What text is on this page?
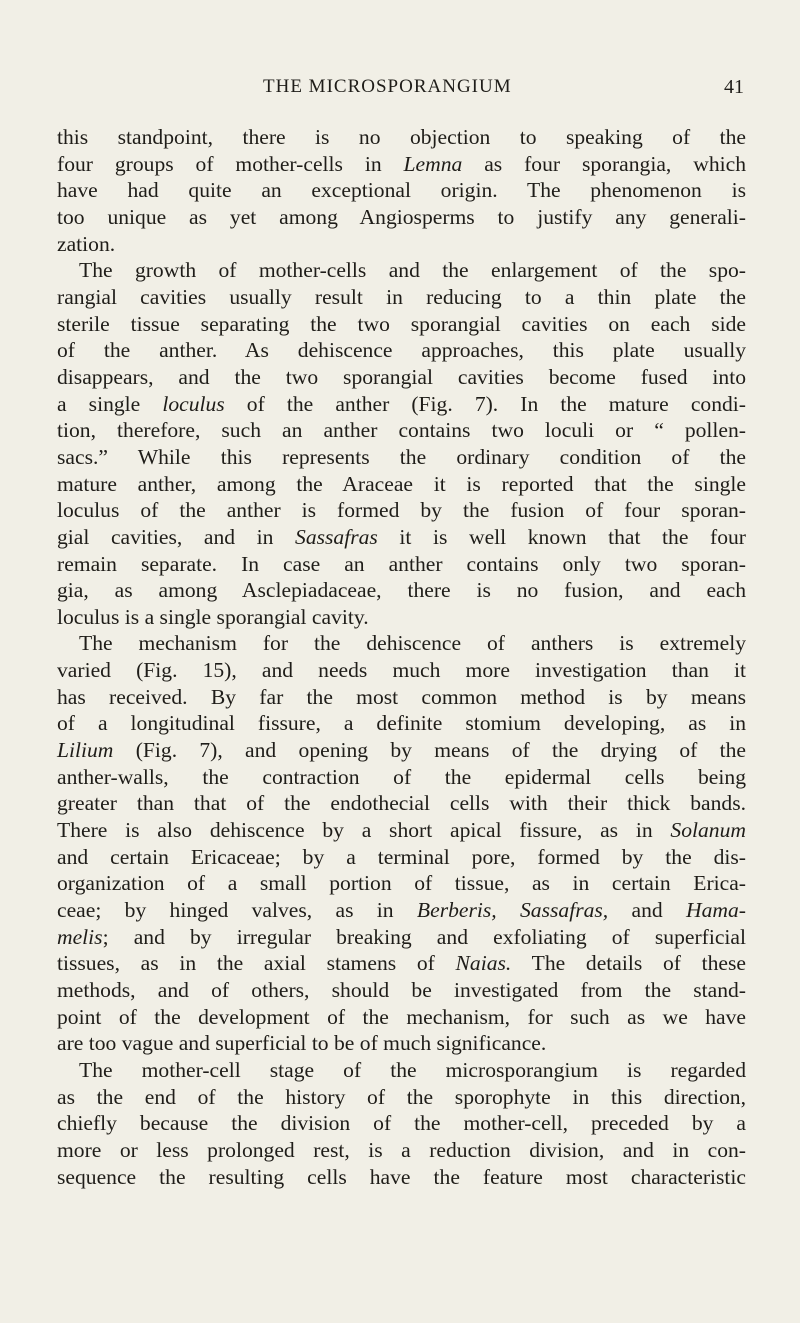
THE MICROSPORANGIUM	41
this standpoint, there is no objection to speaking of the
four groups of mother-cells in Lemna as four sporangia, which
have had quite an exceptional origin. The phenomenon is
too unique as yet among Angiosperms to justify any generali-
zation.
The growth of mother-cells and the enlargement of the spo-
rangial cavities usually result in reducing to a thin plate the
sterile tissue separating the two sporangial cavities on each side
of the anther. As dehiscence approaches, this plate usually
disappears, and the two sporangial cavities become fused into
a single loculus of the anther (Fig. 7). In the mature condi-
tion, therefore, such an anther contains two loculi or “ pollen-
sacs.” While this represents the ordinary condition of the
mature anther, among the Araceae it is reported that the single
loculus of the anther is formed by the fusion of four sporan-
gial cavities, and in Sassafras it is well known that the four
remain separate. In case an anther contains only two sporan-
gia, as among Asclepiadaceae, there is no fusion, and each
loculus is a single sporangial cavity.
The mechanism for the dehiscence of anthers is extremely
varied (Fig. 15), and needs much more investigation than it
has received. By far the most common method is by means
of a longitudinal fissure, a definite stomium developing, as in
Lilium (Fig. 7), and opening by means of the drying of the
anther-walls, the contraction of the epidermal cells being
greater than that of the endothecial cells with their thick bands.
There is also dehiscence by a short apical fissure, as in Solanum
and certain Ericaceae; by a terminal pore, formed by the dis-
organization of a small portion of tissue, as in certain Erica-
ceae; by hinged valves, as in Berberis, Sassafras, and Hama-
melis; and by irregular breaking and exfoliating of superficial
tissues, as in the axial stamens of Naias. The details of these
methods, and of others, should be investigated from the stand-
point of the development of the mechanism, for such as we have
are too vague and superficial to be of much significance.
The mother-cell stage of the microsporangium is regarded
as the end of the history of the sporophyte in this direction,
chiefly because the division of the mother-cell, preceded by a
more or less prolonged rest, is a reduction division, and in con-
sequence the resulting cells have the feature most characteristic
